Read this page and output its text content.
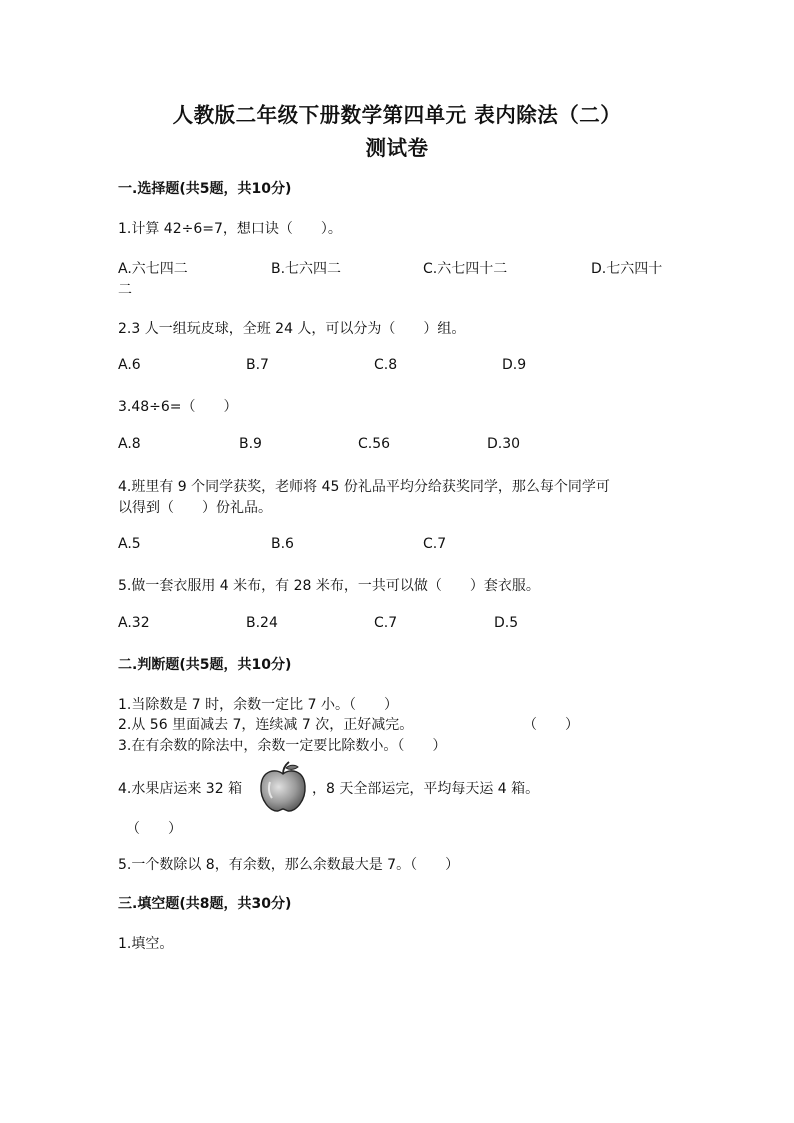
人教版二年级下册数学第四单元 表内除法（二）
测试卷
一.选择题(共5题，共10分)
1.计算 42÷6=7，想口诀（　　）。
A.六七四二	B.七六四二	C.六七四十二	D.七六四十
二
2.3 人一组玩皮球，全班 24 人，可以分为（　　）组。
A.6	B.7	C.8	D.9
3.48÷6=（　　）
A.8	B.9	C.56	D.30
4.班里有 9 个同学获奖，老师将 45 份礼品平均分给获奖同学，那么每个同学可
以得到（　　）份礼品。
A.5	B.6	C.7
5.做一套衣服用 4 米布，有 28 米布，一共可以做（　　）套衣服。
A.32	B.24	C.7	D.5
二.判断题(共5题，共10分)
1.当除数是 7 时，余数一定比 7 小。（　　）
2.从 56 里面减去 7，连续减 7 次，正好减完。	（　　）
3.在有余数的除法中，余数一定要比除数小。（　　）
4.水果店运来 32 箱	，8 天全部运完，平均每天运 4 箱。
（　　）
5.一个数除以 8，有余数，那么余数最大是 7。（　　）
三.填空题(共8题，共30分)
1.填空。
